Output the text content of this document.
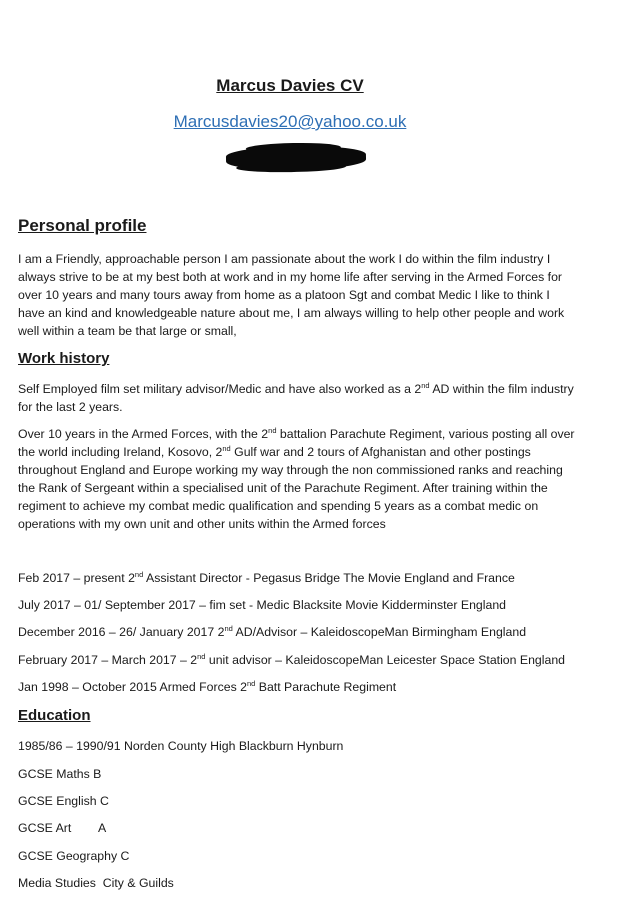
Marcus Davies CV
Marcusdavies20@yahoo.co.uk
Personal profile

I am a Friendly, approachable person I am passionate about the work I do within the film industry I always strive to be at my best both at work and in my home life after serving in the Armed Forces for over 10 years and many tours away from home as a platoon Sgt and combat Medic I like to think I have an kind and knowledgeable nature about me, I am always willing to help other people and work well within a team be that large or small,

Work history

Self Employed film set military advisor/Medic and have also worked as a 2nd AD within the film industry for the last 2 years.

Over 10 years in the Armed Forces, with the 2nd battalion Parachute Regiment, various posting all over the world including Ireland, Kosovo, 2nd Gulf war and 2 tours of Afghanistan and other postings throughout England and Europe working my way through the non commissioned ranks and reaching the Rank of Sergeant within a specialised unit of the Parachute Regiment. After training within the regiment to achieve my combat medic qualification and spending 5 years as a combat medic on operations with my own unit and other units within the Armed forces

Feb 2017 – present 2nd Assistant Director - Pegasus Bridge The Movie England and France
July 2017 – 01/ September 2017 – fim set - Medic Blacksite Movie Kidderminster England
December 2016 – 26/ January 2017 2nd AD/Advisor – KaleidoscopeMan Birmingham England
February 2017 – March 2017 – 2nd unit advisor – KaleidoscopeMan Leicester Space Station England
Jan 1998 – October 2015 Armed Forces 2nd Batt Parachute Regiment
Education
1985/86 – 1990/91 Norden County High Blackburn Hynburn
GCSE Maths B
GCSE English C
GCSE Art        A
GCSE Geography C
Media Studies  City & Guilds
